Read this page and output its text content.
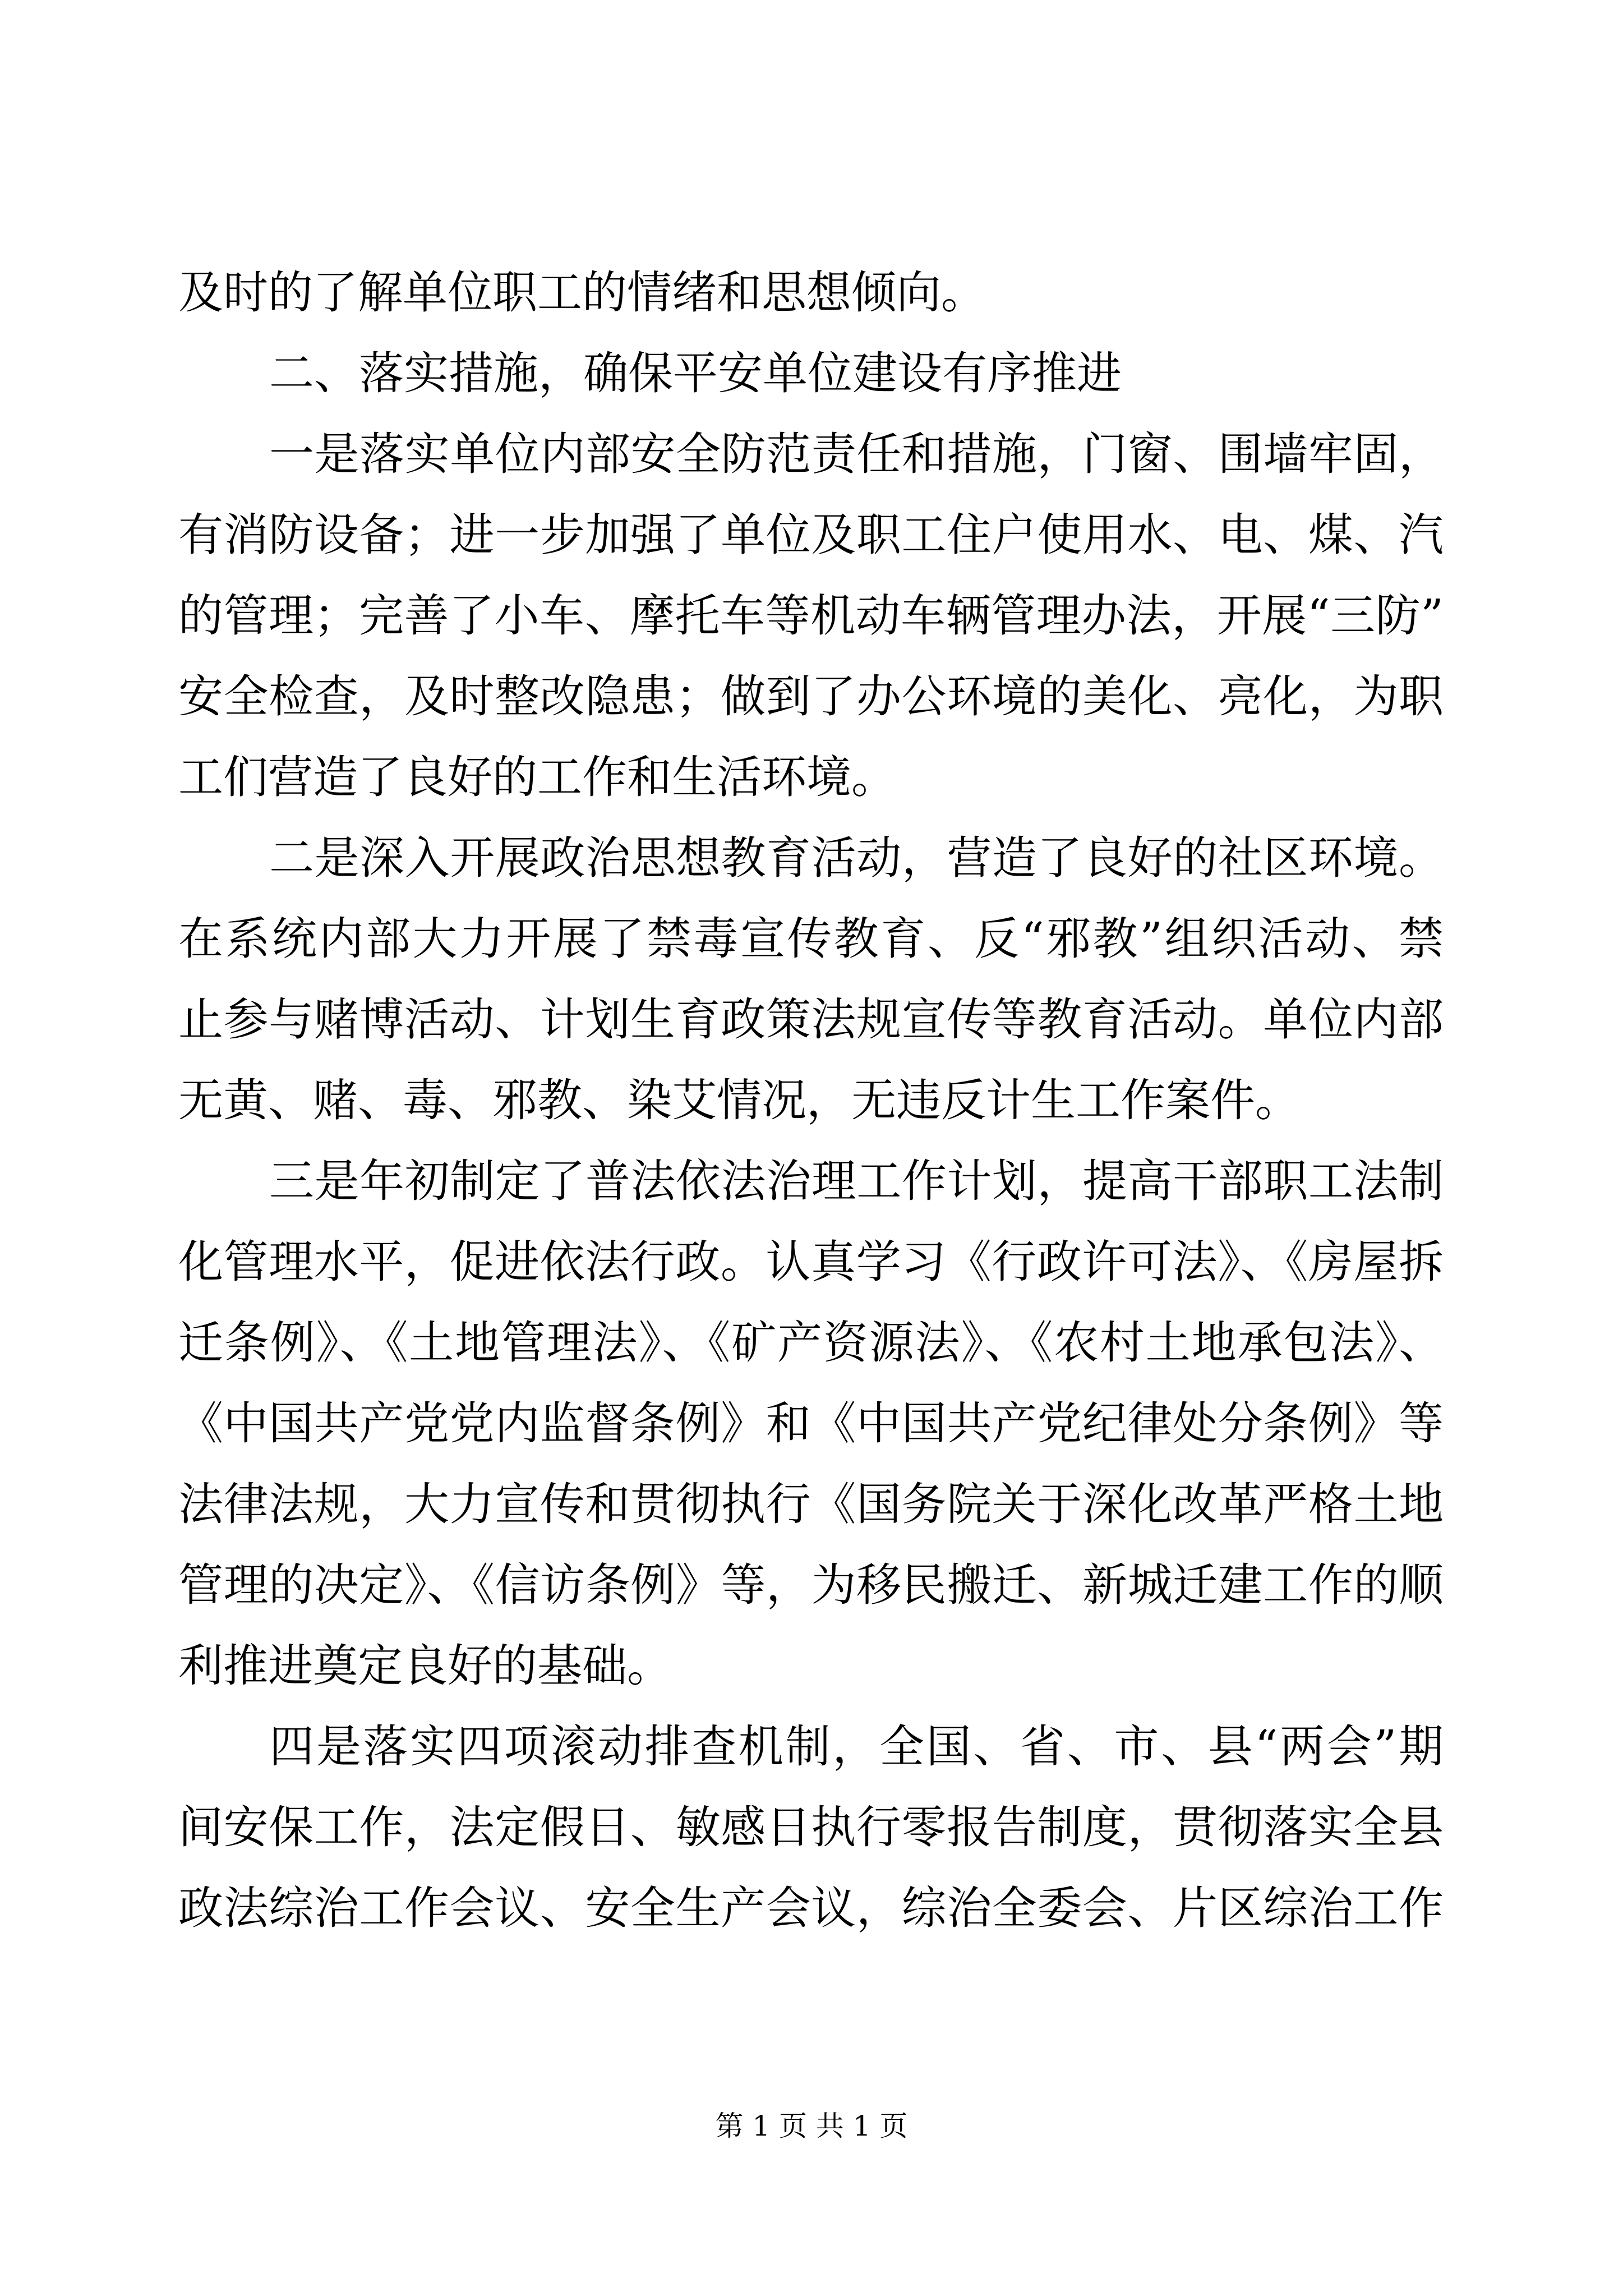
及时的了解单位职工的情绪和思想倾向。
二、落实措施，确保平安单位建设有序推进
一是落实单位内部安全防范责任和措施，门窗、围墙牢固，
有消防设备；进一步加强了单位及职工住户使用水、电、煤、汽
的管理；完善了小车、摩托车等机动车辆管理办法，开展“三防”
安全检查，及时整改隐患；做到了办公环境的美化、亮化，为职
工们营造了良好的工作和生活环境。
二是深入开展政治思想教育活动，营造了良好的社区环境。
在系统内部大力开展了禁毒宣传教育、反“邪教”组织活动、禁
止参与赌博活动、计划生育政策法规宣传等教育活动。单位内部
无黄、赌、毒、邪教、染艾情况，无违反计生工作案件。
三是年初制定了普法依法治理工作计划，提高干部职工法制
化管理水平，促进依法行政。认真学习《行政许可法》、《房屋拆
迁条例》、《土地管理法》、《矿产资源法》、《农村土地承包法》、
《中国共产党党内监督条例》和《中国共产党纪律处分条例》等
法律法规，大力宣传和贯彻执行《国务院关于深化改革严格土地
管理的决定》、《信访条例》等，为移民搬迁、新城迁建工作的顺
利推进奠定良好的基础。
四是落实四项滚动排查机制，全国、省、市、县“两会”期
间安保工作，法定假日、敏感日执行零报告制度，贯彻落实全县
政法综治工作会议、安全生产会议，综治全委会、片区综治工作
第 1 页 共 1 页
